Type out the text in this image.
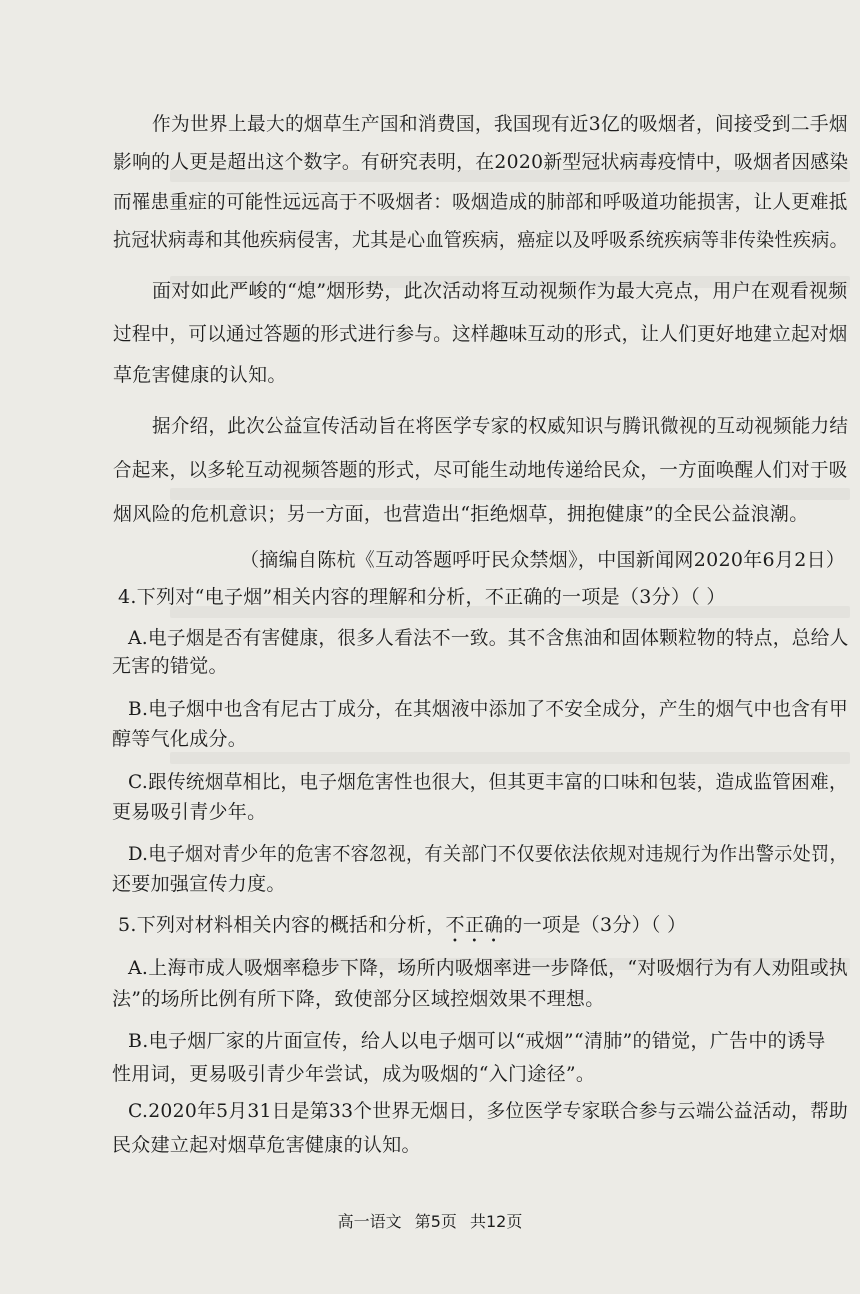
作为世界上最大的烟草生产国和消费国，我国现有近3亿的吸烟者，间接受到二手烟
影响的人更是超出这个数字。有研究表明，在2020新型冠状病毒疫情中，吸烟者因感染
而罹患重症的可能性远远高于不吸烟者：吸烟造成的肺部和呼吸道功能损害，让人更难抵
抗冠状病毒和其他疾病侵害，尤其是心血管疾病，癌症以及呼吸系统疾病等非传染性疾病。
面对如此严峻的“熄”烟形势，此次活动将互动视频作为最大亮点，用户在观看视频
过程中，可以通过答题的形式进行参与。这样趣味互动的形式，让人们更好地建立起对烟
草危害健康的认知。
据介绍，此次公益宣传活动旨在将医学专家的权威知识与腾讯微视的互动视频能力结
合起来，以多轮互动视频答题的形式，尽可能生动地传递给民众，一方面唤醒人们对于吸
烟风险的危机意识；另一方面，也营造出“拒绝烟草，拥抱健康”的全民公益浪潮。
（摘编自陈杭《互动答题呼吁民众禁烟》，中国新闻网2020年6月2日）
4.下列对“电子烟”相关内容的理解和分析，不正确的一项是（3分）（ ）
A.电子烟是否有害健康，很多人看法不一致。其不含焦油和固体颗粒物的特点，总给人
无害的错觉。
B.电子烟中也含有尼古丁成分，在其烟液中添加了不安全成分，产生的烟气中也含有甲
醇等气化成分。
C.跟传统烟草相比，电子烟危害性也很大，但其更丰富的口味和包装，造成监管困难，
更易吸引青少年。
D.电子烟对青少年的危害不容忽视，有关部门不仅要依法依规对违规行为作出警示处罚，
还要加强宣传力度。
5.下列对材料相关内容的概括和分析，不正确的一项是（3分）（ ）
A.上海市成人吸烟率稳步下降，场所内吸烟率进一步降低，“对吸烟行为有人劝阻或执
法”的场所比例有所下降，致使部分区域控烟效果不理想。
B.电子烟厂家的片面宣传，给人以电子烟可以“戒烟”“清肺”的错觉，广告中的诱导
性用词，更易吸引青少年尝试，成为吸烟的“入门途径”。
C.2020年5月31日是第33个世界无烟日，多位医学专家联合参与云端公益活动，帮助
民众建立起对烟草危害健康的认知。
高一语文 第5页 共12页
